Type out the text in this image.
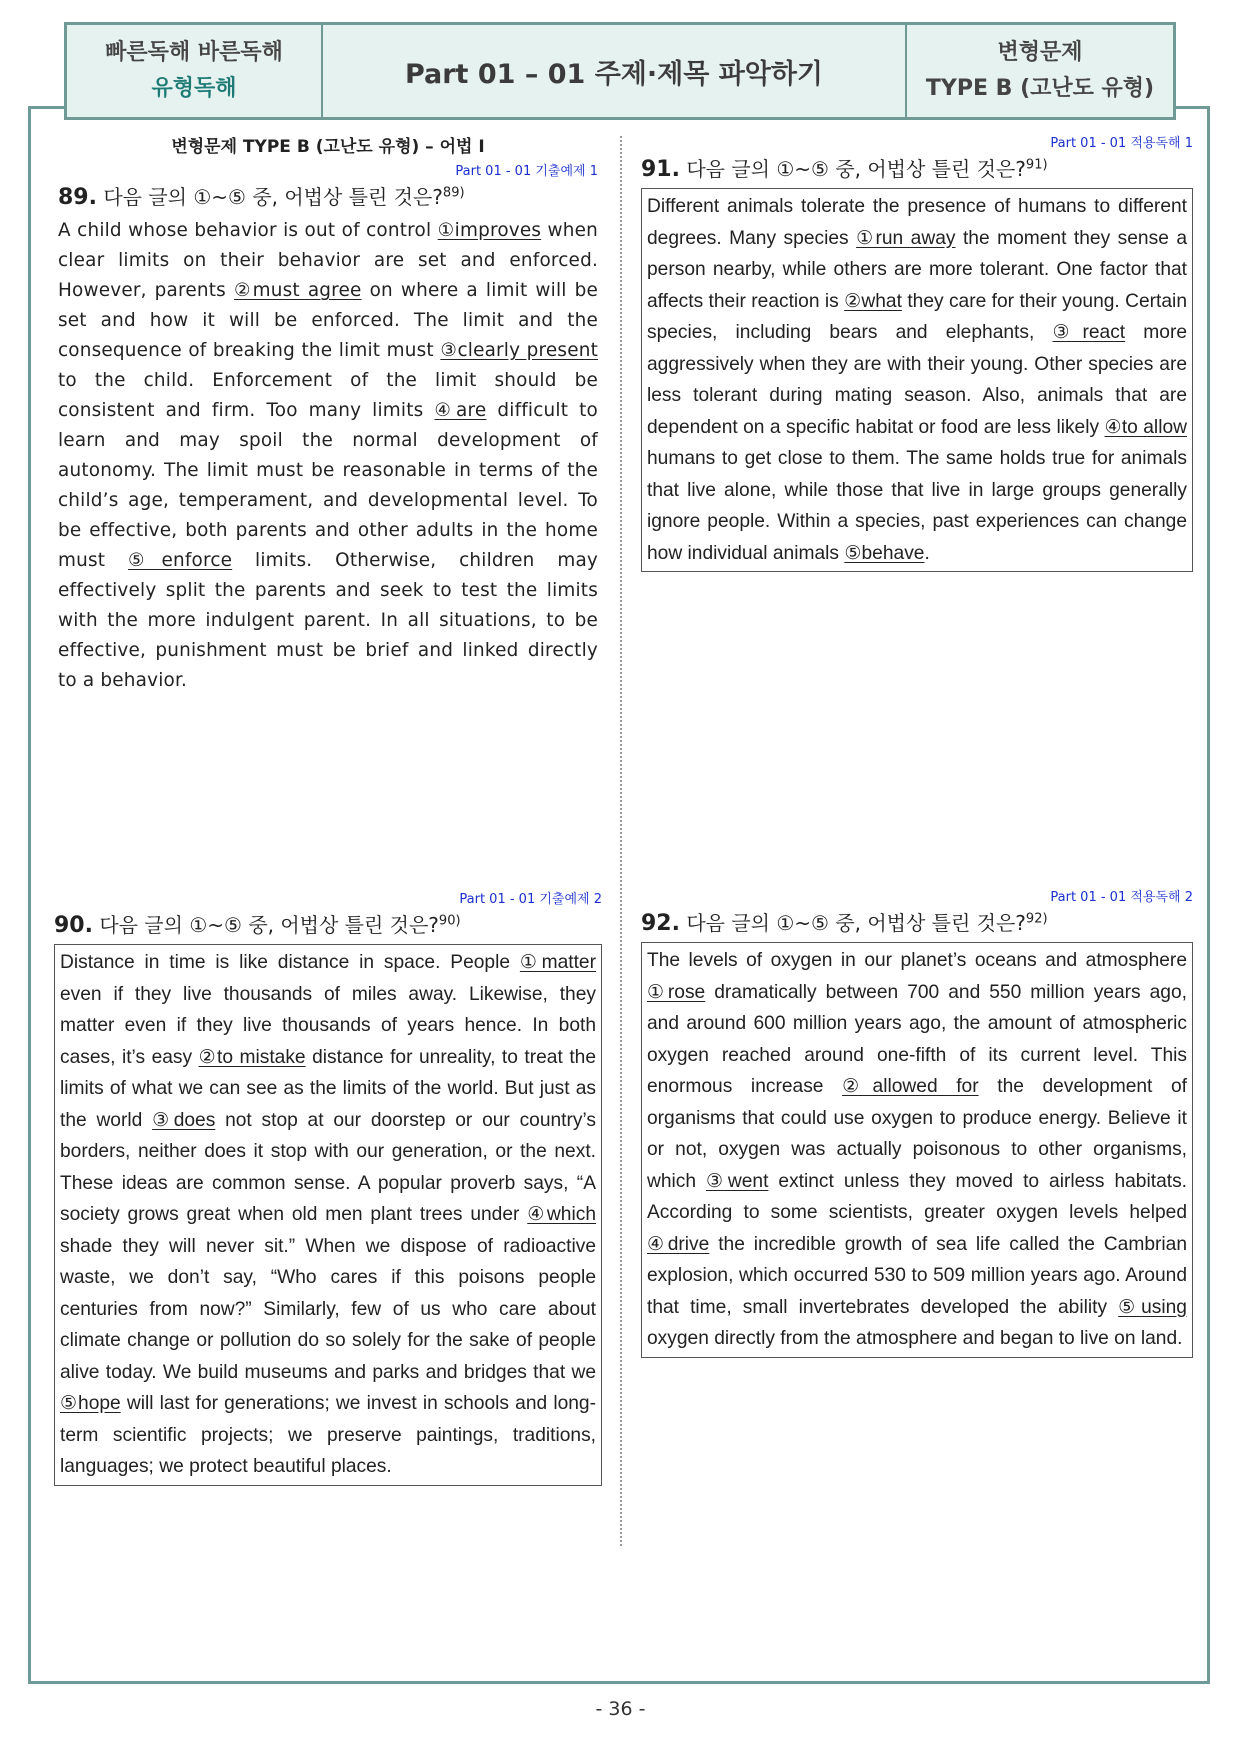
빠른독해 바른독해
유형독해	Part 01 – 01 주제·제목 파악하기
변형문제
TYPE B (고난도 유형)
변형문제 TYPE B (고난도 유형) – 어법 I
Part 01 - 01 기출예제 1
89. 다음 글의 ①~⑤ 중, 어법상 틀린 것은?$^{89)}$
A child whose behavior is out of control ①improves when clear limits on their behavior are set and enforced. However, parents ②must agree on where a limit will be set and how it will be enforced. The limit and the consequence of breaking the limit must ③clearly present to the child. Enforcement of the limit should be consistent and firm. Too many limits ④are difficult to learn and may spoil the normal development of autonomy. The limit must be reasonable in terms of the child’s age, temperament, and developmental level. To be effective, both parents and other adults in the home must ⑤enforce limits. Otherwise, children may effectively split the parents and seek to test the limits with the more indulgent parent. In all situations, to be effective, punishment must be brief and linked directly to a behavior.
Part 01 - 01 기출예제 2
90. 다음 글의 ①~⑤ 중, 어법상 틀린 것은?$^{90)}$
Distance in time is like distance in space. People ①matter even if they live thousands of miles away. Likewise, they matter even if they live thousands of years hence. In both cases, it’s easy ②to mistake distance for unreality, to treat the limits of what we can see as the limits of the world. But just as the world ③does not stop at our doorstep or our country’s borders, neither does it stop with our generation, or the next. These ideas are common sense. A popular proverb says, “A society grows great when old men plant trees under ④which shade they will never sit.” When we dispose of radioactive waste, we don’t say, “Who cares if this poisons people centuries from now?” Similarly, few of us who care about climate change or pollution do so solely for the sake of people alive today. We build museums and parks and bridges that we ⑤hope will last for generations; we invest in schools and long-term scientific projects; we preserve paintings, traditions, languages; we protect beautiful places.
Part 01 - 01 적용독해 1
91. 다음 글의 ①~⑤ 중, 어법상 틀린 것은?$^{91)}$
Different animals tolerate the presence of humans to different degrees. Many species ①run away the moment they sense a person nearby, while others are more tolerant. One factor that affects their reaction is ②what they care for their young. Certain species, including bears and elephants, ③react more aggressively when they are with their young. Other species are less tolerant during mating season. Also, animals that are dependent on a specific habitat or food are less likely ④to allow humans to get close to them. The same holds true for animals that live alone, while those that live in large groups generally ignore people. Within a species, past experiences can change how individual animals ⑤behave.
Part 01 - 01 적용독해 2
92. 다음 글의 ①~⑤ 중, 어법상 틀린 것은?$^{92)}$
The levels of oxygen in our planet’s oceans and atmosphere ①rose dramatically between 700 and 550 million years ago, and around 600 million years ago, the amount of atmospheric oxygen reached around one-fifth of its current level. This enormous increase ②allowed for the development of organisms that could use oxygen to produce energy. Believe it or not, oxygen was actually poisonous to other organisms, which ③went extinct unless they moved to airless habitats. According to some scientists, greater oxygen levels helped ④drive the incredible growth of sea life called the Cambrian explosion, which occurred 530 to 509 million years ago. Around that time, small invertebrates developed the ability ⑤using oxygen directly from the atmosphere and began to live on land.
- 36 -
